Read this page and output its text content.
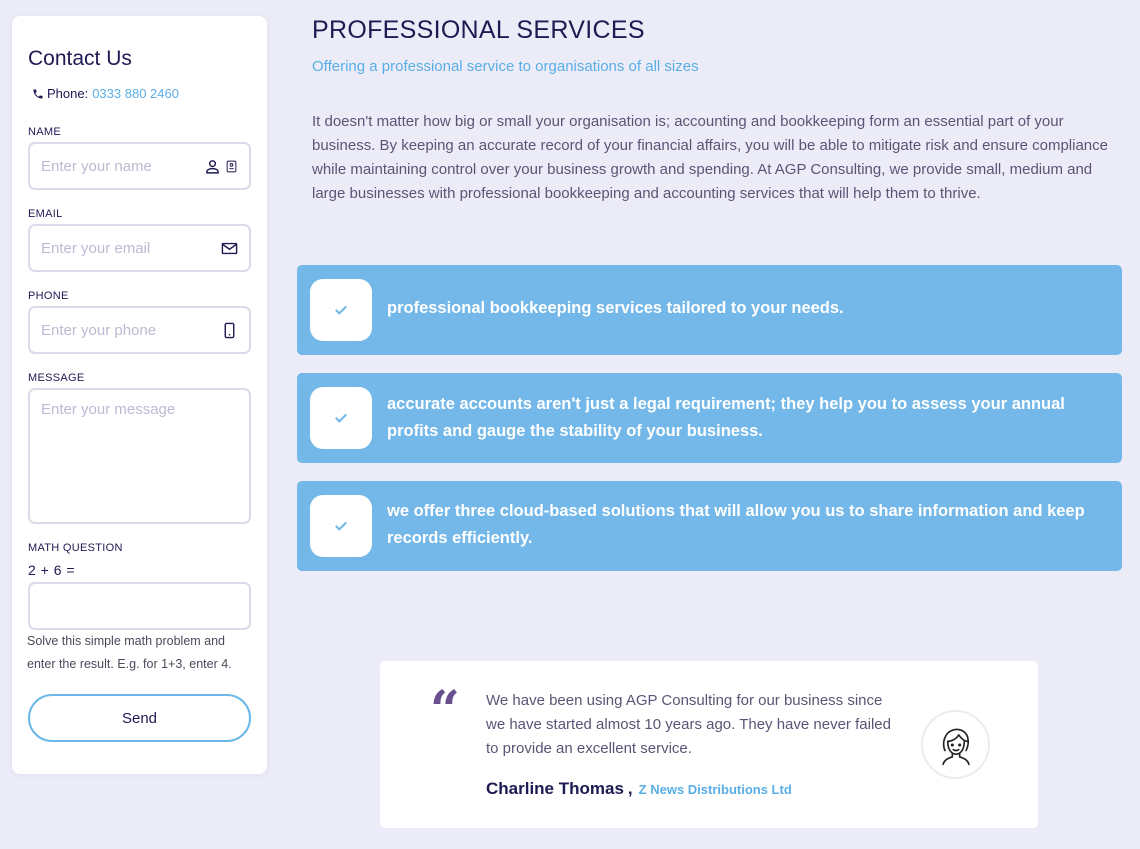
Contact Us
Phone: 0333 880 2460
NAME
Enter your name
EMAIL
Enter your email
PHONE
Enter your phone
MESSAGE
Enter your message
MATH QUESTION
2 + 6 =

Solve this simple math problem and enter the result. E.g. for 1+3, enter 4.

Send
PROFESSIONAL SERVICES
Offering a professional service to organisations of all sizes

It doesn't matter how big or small your organisation is; accounting and bookkeeping form an essential part of your business. By keeping an accurate record of your financial affairs, you will be able to mitigate risk and ensure compliance while maintaining control over your business growth and spending. At AGP Consulting, we provide small, medium and large businesses with professional bookkeeping and accounting services that will help them to thrive.

professional bookkeeping services tailored to your needs.
accurate accounts aren't just a legal requirement; they help you to assess your annual profits and gauge the stability of your business.
we offer three cloud-based solutions that will allow you us to share information and keep records efficiently.
“ We have been using AGP Consulting for our business since we have started almost 10 years ago. They have never failed to provide an excellent service.

Charline Thomas , Z News Distributions Ltd
